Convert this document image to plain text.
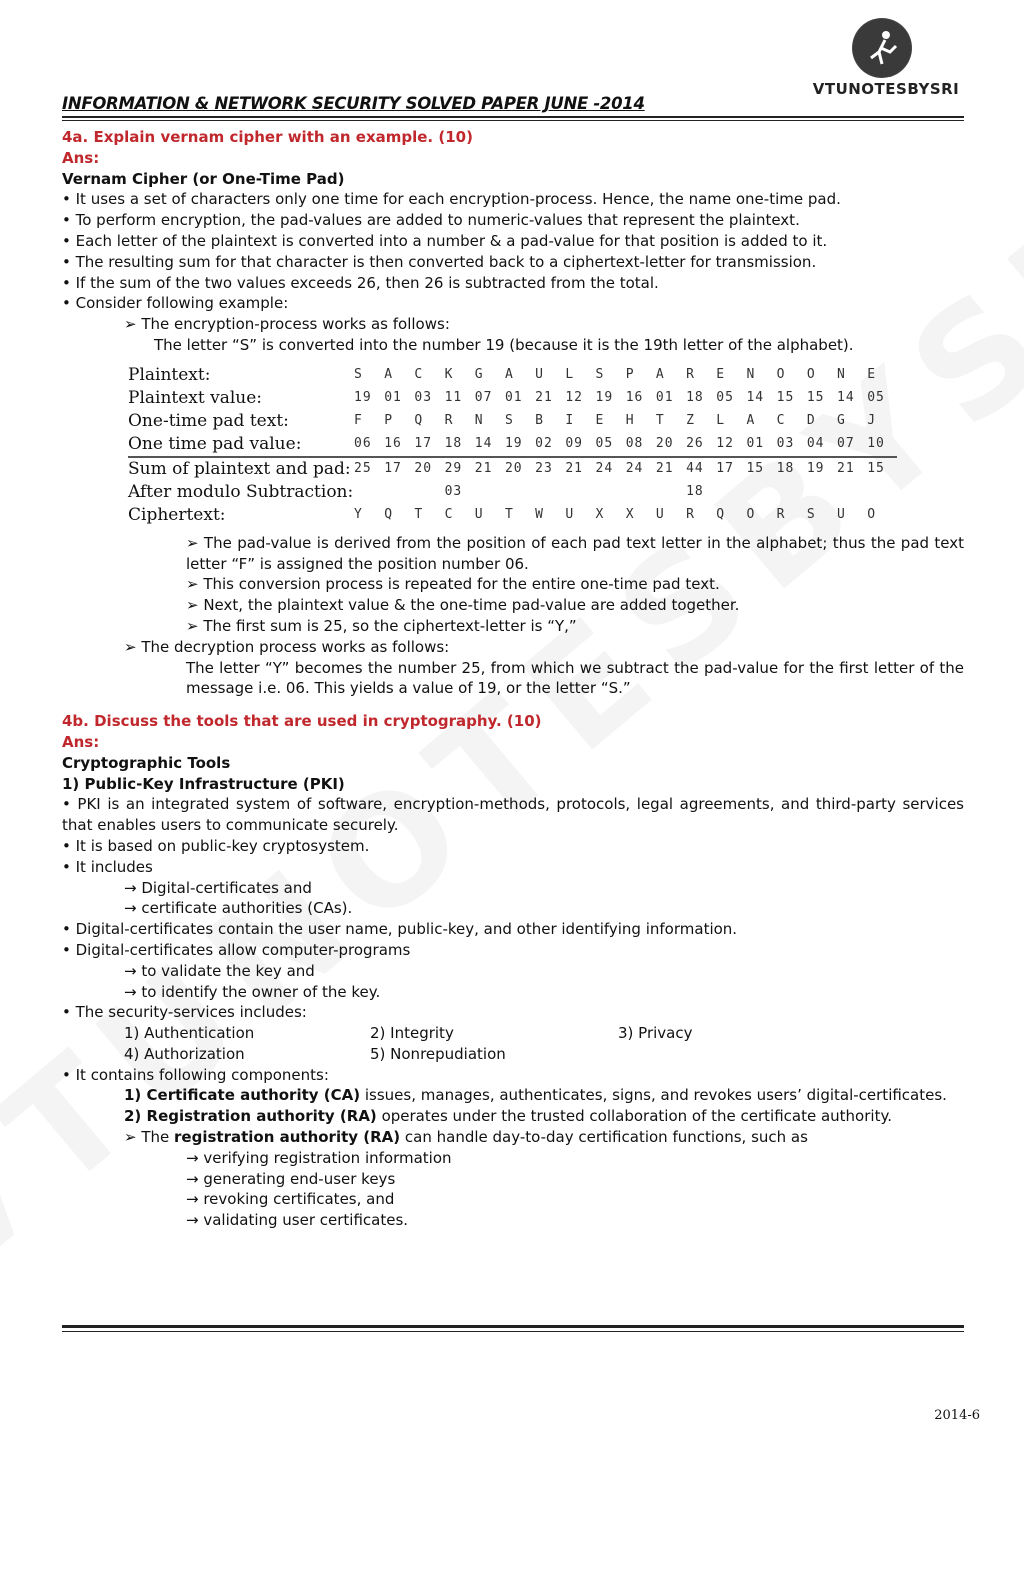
VTUNOTESBYSRI
INFORMATION & NETWORK SECURITY SOLVED PAPER JUNE -2014

4a. Explain vernam cipher with an example. (10)

Ans:

Vernam Cipher (or One-Time Pad)

• It uses a set of characters only one time for each encryption-process. Hence, the name one-time pad.

• To perform encryption, the pad-values are added to numeric-values that represent the plaintext.

• Each letter of the plaintext is converted into a number & a pad-value for that position is added to it.

• The resulting sum for that character is then converted back to a ciphertext-letter for transmission.

• If the sum of the two values exceeds 26, then 26 is subtracted from the total.

• Consider following example:

➢ The encryption-process works as follows:

The letter “S” is converted into the number 19 (because it is the 19th letter of the alphabet).

Plaintext:	S	A	C	K	G	A	U	L	S	P	A	R	E	N	O	O	N	E
Plaintext value:	19	01	03	11	07	01	21	12	19	16	01	18	05	14	15	15	14	05
One-time pad text:	F	P	Q	R	N	S	B	I	E	H	T	Z	L	A	C	D	G	J
One time pad value:	06	16	17	18	14	19	02	09	05	08	20	26	12	01	03	04	07	10
Sum of plaintext and pad:	25	17	20	29	21	20	23	21	24	24	21	44	17	15	18	19	21	15
After modulo Subtraction:				03								18						
Ciphertext:	Y	Q	T	C	U	T	W	U	X	X	U	R	Q	O	R	S	U	O

➢ The pad-value is derived from the position of each pad text letter in the alphabet; thus the pad text letter “F” is assigned the position number 06.

➢ This conversion process is repeated for the entire one-time pad text.

➢ Next, the plaintext value & the one-time pad-value are added together.

➢ The first sum is 25, so the ciphertext-letter is “Y,”

➢ The decryption process works as follows:

The letter “Y” becomes the number 25, from which we subtract the pad-value for the first letter of the message i.e. 06. This yields a value of 19, or the letter “S.”

4b. Discuss the tools that are used in cryptography. (10)

Ans:

Cryptographic Tools

1) Public-Key Infrastructure (PKI)

• PKI is an integrated system of software, encryption-methods, protocols, legal agreements, and third-party services that enables users to communicate securely.

• It is based on public-key cryptosystem.

• It includes

→ Digital-certificates and

→ certificate authorities (CAs).

• Digital-certificates contain the user name, public-key, and other identifying information.

• Digital-certificates allow computer-programs

→ to validate the key and

→ to identify the owner of the key.

• The security-services includes:

1) Authentication	2) Integrity	3) Privacy

4) Authorization	5) Nonrepudiation

• It contains following components:

1) Certificate authority (CA) issues, manages, authenticates, signs, and revokes users’ digital-certificates.

2) Registration authority (RA) operates under the trusted collaboration of the certificate authority.

➢ The registration authority (RA) can handle day-to-day certification functions, such as

→ verifying registration information

→ generating end-user keys

→ revoking certificates, and

→ validating user certificates.

2014-6
